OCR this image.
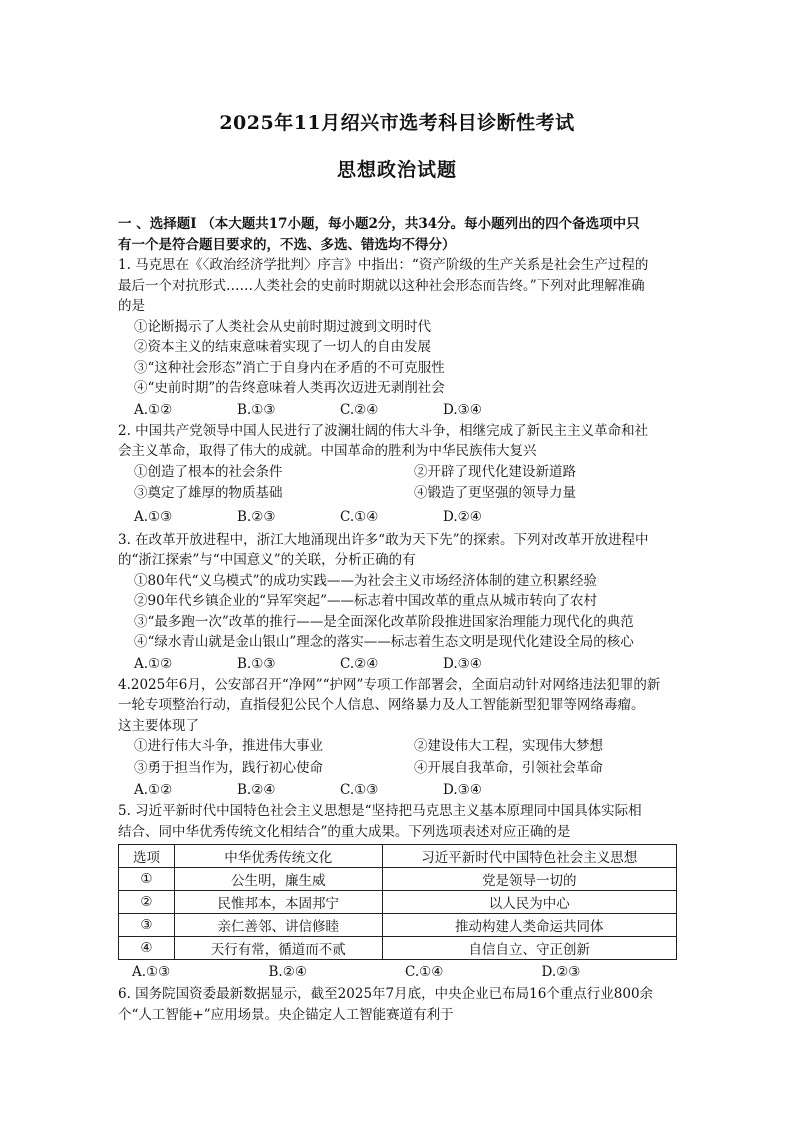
2025年11月绍兴市选考科目诊断性考试
思想政治试题
一 、选择题Ⅰ （本大题共17小题，每小题2分，共34分。每小题列出的四个备选项中只
有一个是符合题目要求的，不选、多选、错选均不得分）
1. 马克思在《〈政治经济学批判〉序言》中指出：“资产阶级的生产关系是社会生产过程的
最后一个对抗形式……人类社会的史前时期就以这种社会形态而告终。”下列对此理解准确
的是
①论断揭示了人类社会从史前时期过渡到文明时代
②资本主义的结束意味着实现了一切人的自由发展
③“这种社会形态”消亡于自身内在矛盾的不可克服性
④“史前时期”的告终意味着人类再次迈进无剥削社会
A.①②	B.①③	C.②④	D.③④
2. 中国共产党领导中国人民进行了波澜壮阔的伟大斗争，相继完成了新民主主义革命和社
会主义革命，取得了伟大的成就。中国革命的胜利为中华民族伟大复兴
①创造了根本的社会条件	②开辟了现代化建设新道路
③奠定了雄厚的物质基础	④锻造了更坚强的领导力量
A.①③	B.②③	C.①④	D.②④
3. 在改革开放进程中，浙江大地涌现出许多“敢为天下先”的探索。下列对改革开放进程中
的“浙江探索”与“中国意义”的关联，分析正确的有
①80年代“义乌模式”的成功实践——为社会主义市场经济体制的建立积累经验
②90年代乡镇企业的“异军突起”——标志着中国改革的重点从城市转向了农村
③“最多跑一次”改革的推行——是全面深化改革阶段推进国家治理能力现代化的典范
④“绿水青山就是金山银山”理念的落实——标志着生态文明是现代化建设全局的核心
A.①②	B.①③	C.②④	D.③④
4.2025年6月，公安部召开“净网”“护网”专项工作部署会，全面启动针对网络违法犯罪的新
一轮专项整治行动，直指侵犯公民个人信息、网络暴力及人工智能新型犯罪等网络毒瘤。
这主要体现了
①进行伟大斗争，推进伟大事业	②建设伟大工程，实现伟大梦想
③勇于担当作为，践行初心使命	④开展自我革命，引领社会革命
A.①②	B.②④	C.①③	D.③④
5. 习近平新时代中国特色社会主义思想是“坚持把马克思主义基本原理同中国具体实际相
结合、同中华优秀传统文化相结合”的重大成果。下列选项表述对应正确的是
选项	中华优秀传统文化	习近平新时代中国特色社会主义思想
①	公生明，廉生威	党是领导一切的
②	民惟邦本，本固邦宁	以人民为中心
③	亲仁善邻、讲信修睦	推动构建人类命运共同体
④	天行有常，循道而不贰	自信自立、守正创新
A.①③	B.②④	C.①④	D.②③
6. 国务院国资委最新数据显示，截至2025年7月底，中央企业已布局16个重点行业800余
个“人工智能+”应用场景。央企锚定人工智能赛道有利于
